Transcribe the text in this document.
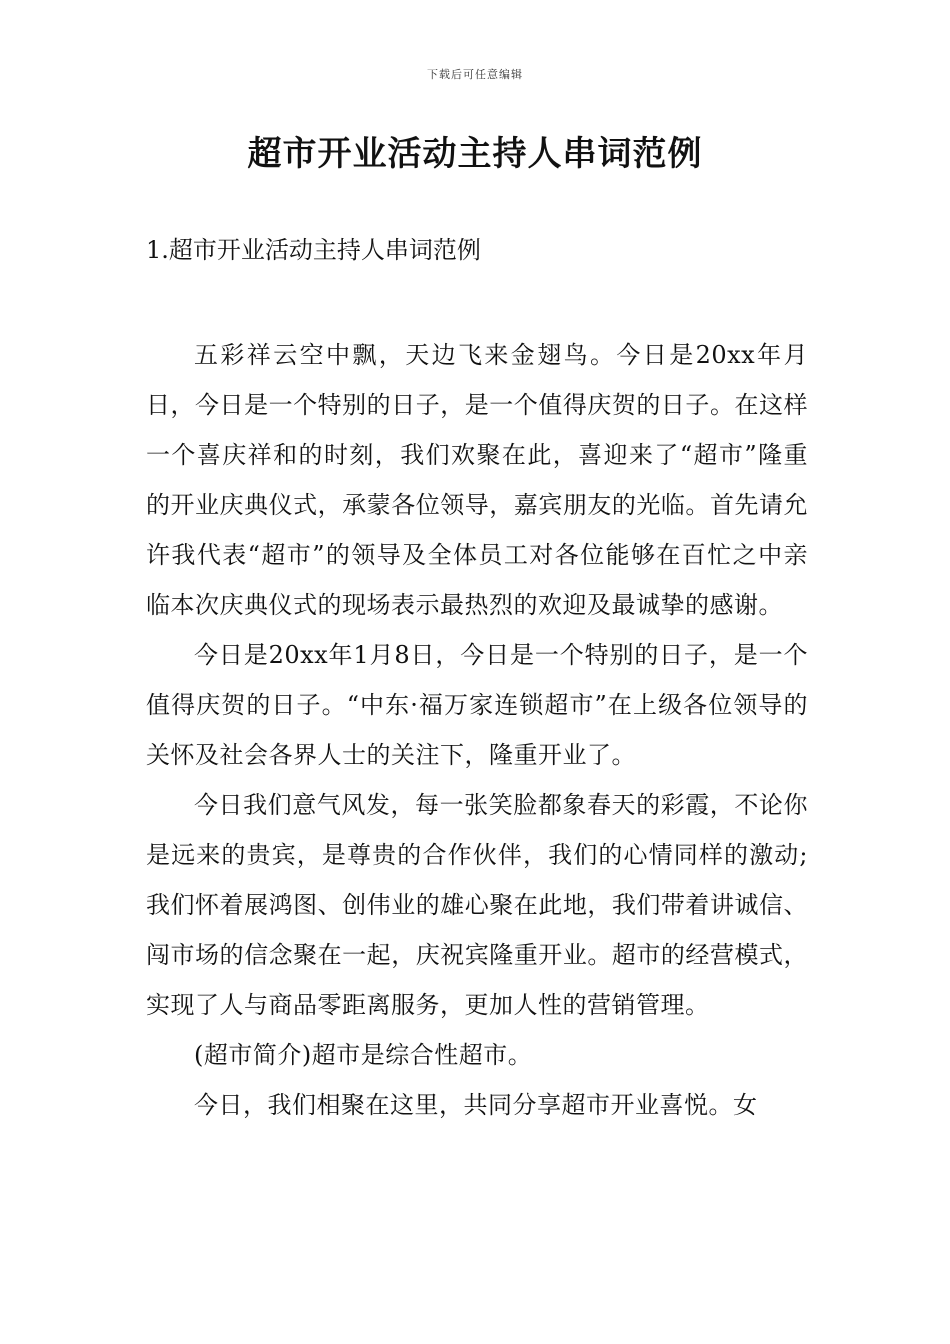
下载后可任意编辑
超市开业活动主持人串词范例
1.超市开业活动主持人串词范例

五彩祥云空中飘，天边飞来金翅鸟。今日是20xx年月日，今日是一个特别的日子，是一个值得庆贺的日子。在这样一个喜庆祥和的时刻，我们欢聚在此，喜迎来了“超市”隆重的开业庆典仪式，承蒙各位领导，嘉宾朋友的光临。首先请允许我代表“超市”的领导及全体员工对各位能够在百忙之中亲临本次庆典仪式的现场表示最热烈的欢迎及最诚挚的感谢。

今日是20xx年1月8日，今日是一个特别的日子，是一个值得庆贺的日子。“中东·福万家连锁超市”在上级各位领导的关怀及社会各界人士的关注下，隆重开业了。

今日我们意气风发，每一张笑脸都象春天的彩霞，不论你是远来的贵宾，是尊贵的合作伙伴，我们的心情同样的激动;我们怀着展鸿图、创伟业的雄心聚在此地，我们带着讲诚信、闯市场的信念聚在一起，庆祝宾隆重开业。超市的经营模式，实现了人与商品零距离服务，更加人性的营销管理。

(超市简介)超市是综合性超市。

今日，我们相聚在这里，共同分享超市开业喜悦。女
